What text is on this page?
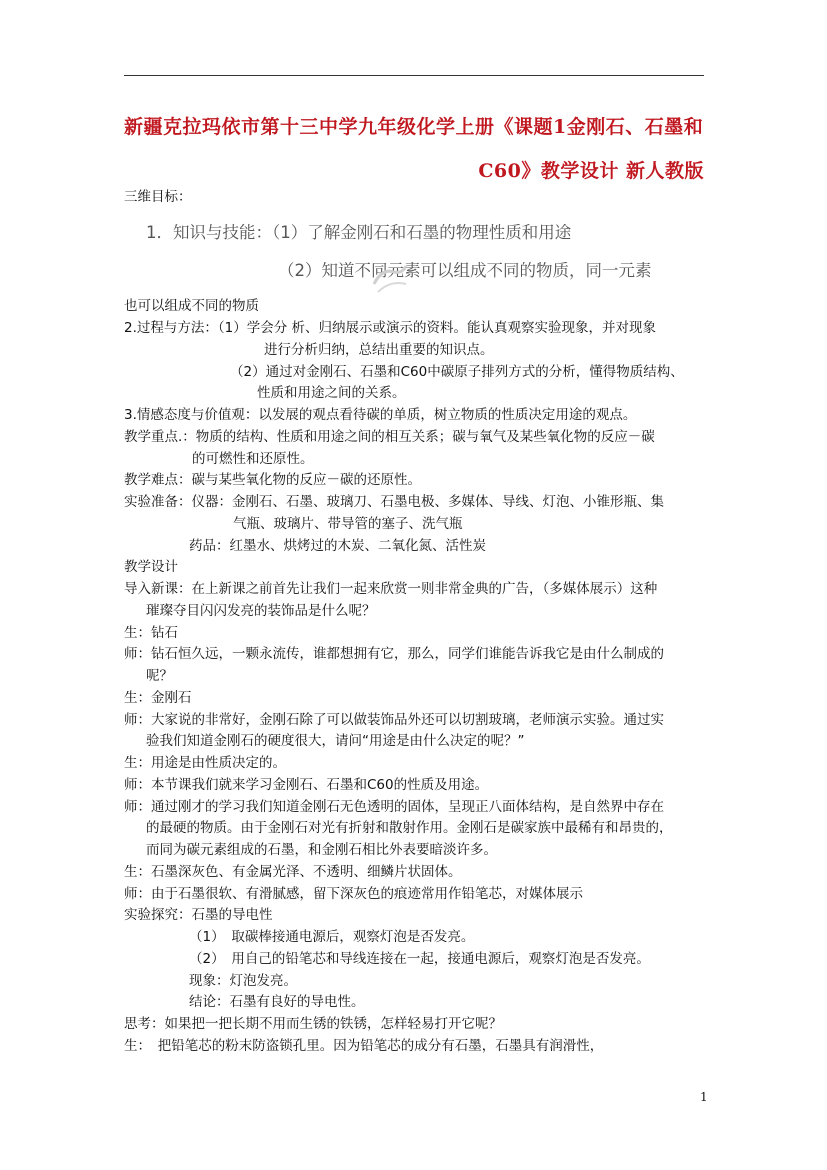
新疆克拉玛依市第十三中学九年级化学上册《课题1金刚石、石墨和
C60》教学设计 新人教版
三维目标：
1．知识与技能：（1）了解金刚石和石墨的物理性质和用途
（2）知道不同元素可以组成不同的物质，同一元素
也可以组成不同的物质
2.过程与方法：（1）学会分 析、归纳展示或演示的资料。能认真观察实验现象，并对现象
进行分析归纳，总结出重要的知识点。
（2）通过对金刚石、石墨和C60中碳原子排列方式的分析，懂得物质结构、
性质和用途之间的关系。
3.情感态度与价值观：以发展的观点看待碳的单质，树立物质的性质决定用途的观点。
教学重点.：物质的结构、性质和用途之间的相互关系；碳与氧气及某些氧化物的反应－碳
的可燃性和还原性。
教学难点：碳与某些氧化物的反应－碳的还原性。
实验准备：仪器：金刚石、石墨、玻璃刀、石墨电极、多媒体、导线、灯泡、小锥形瓶、集
气瓶、玻璃片、带导管的塞子、洗气瓶
药品：红墨水、烘烤过的木炭、二氧化氮、活性炭
教学设计
导入新课：在上新课之前首先让我们一起来欣赏一则非常金典的广告，（多媒体展示）这种
璀璨夺目闪闪发亮的装饰品是什么呢？
生：钻石
师：钻石恒久远，一颗永流传，谁都想拥有它，那么，同学们谁能告诉我它是由什么制成的
呢？
生：金刚石
师：大家说的非常好，金刚石除了可以做装饰品外还可以切割玻璃，老师演示实验。通过实
验我们知道金刚石的硬度很大，请问“用途是由什么决定的呢？”
生：用途是由性质决定的。
师：本节课我们就来学习金刚石、石墨和C60的性质及用途。
师：通过刚才的学习我们知道金刚石无色透明的固体，呈现正八面体结构，是自然界中存在
的最硬的物质。由于金刚石对光有折射和散射作用。金刚石是碳家族中最稀有和昂贵的，
而同为碳元素组成的石墨，和金刚石相比外表要暗淡许多。
生：石墨深灰色、有金属光泽、不透明、细鳞片状固体。
师：由于石墨很软、有滑腻感，留下深灰色的痕迹常用作铅笔芯，对媒体展示
实验探究：石墨的导电性
（1）　取碳棒接通电源后，观察灯泡是否发亮。
（2）　用自己的铅笔芯和导线连接在一起，接通电源后，观察灯泡是否发亮。
现象：灯泡发亮。
结论：石墨有良好的导电性。
思考：如果把一把长期不用而生锈的铁锈，怎样轻易打开它呢？
生：　把铅笔芯的粉末防盗锁孔里。因为铅笔芯的成分有石墨，石墨具有润滑性，
1
